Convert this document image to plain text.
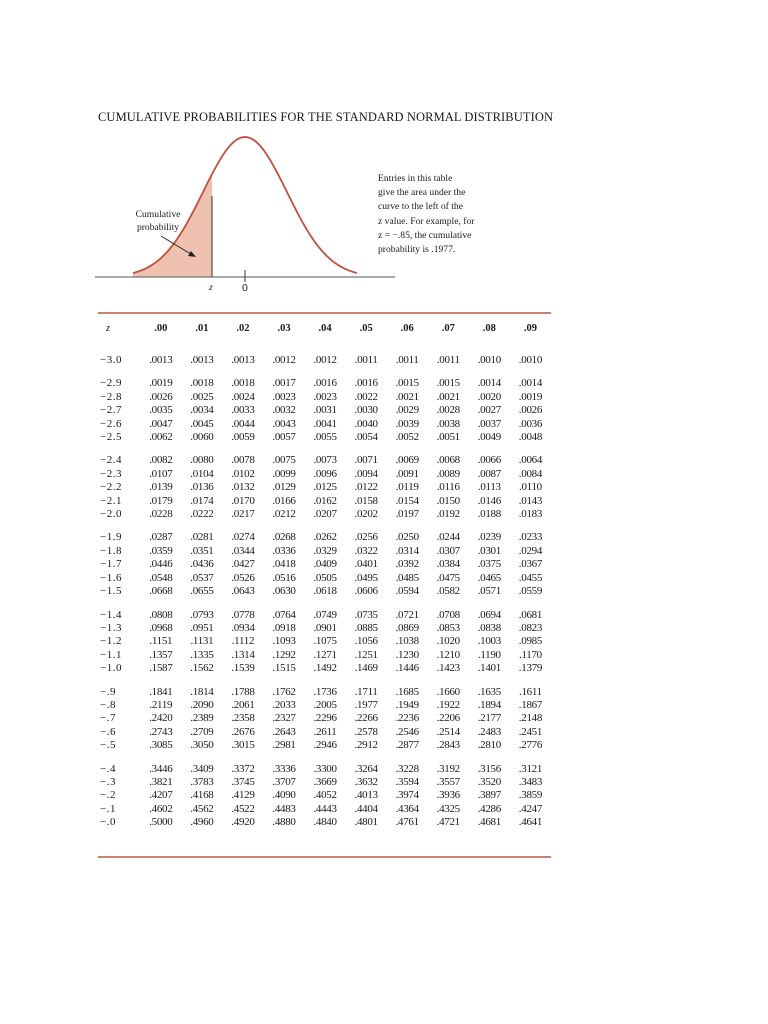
CUMULATIVE PROBABILITIES FOR THE STANDARD NORMAL DISTRIBUTION
Cumulative
probability
Entries in this table
give the area under the
curve to the left of the
z value. For example, for
z = −.85, the cumulative
probability is .1977.
z	0
z	.00	.01	.02	.03	.04	.05	.06	.07	.08	.09
−3.0	.0013	.0013	.0013	.0012	.0012	.0011	.0011	.0011	.0010	.0010
−2.9	.0019	.0018	.0018	.0017	.0016	.0016	.0015	.0015	.0014	.0014
−2.8	.0026	.0025	.0024	.0023	.0023	.0022	.0021	.0021	.0020	.0019
−2.7	.0035	.0034	.0033	.0032	.0031	.0030	.0029	.0028	.0027	.0026
−2.6	.0047	.0045	.0044	.0043	.0041	.0040	.0039	.0038	.0037	.0036
−2.5	.0062	.0060	.0059	.0057	.0055	.0054	.0052	.0051	.0049	.0048
−2.4	.0082	.0080	.0078	.0075	.0073	.0071	.0069	.0068	.0066	.0064
−2.3	.0107	.0104	.0102	.0099	.0096	.0094	.0091	.0089	.0087	.0084
−2.2	.0139	.0136	.0132	.0129	.0125	.0122	.0119	.0116	.0113	.0110
−2.1	.0179	.0174	.0170	.0166	.0162	.0158	.0154	.0150	.0146	.0143
−2.0	.0228	.0222	.0217	.0212	.0207	.0202	.0197	.0192	.0188	.0183
−1.9	.0287	.0281	.0274	.0268	.0262	.0256	.0250	.0244	.0239	.0233
−1.8	.0359	.0351	.0344	.0336	.0329	.0322	.0314	.0307	.0301	.0294
−1.7	.0446	.0436	.0427	.0418	.0409	.0401	.0392	.0384	.0375	.0367
−1.6	.0548	.0537	.0526	.0516	.0505	.0495	.0485	.0475	.0465	.0455
−1.5	.0668	.0655	.0643	.0630	.0618	.0606	.0594	.0582	.0571	.0559
−1.4	.0808	.0793	.0778	.0764	.0749	.0735	.0721	.0708	.0694	.0681
−1.3	.0968	.0951	.0934	.0918	.0901	.0885	.0869	.0853	.0838	.0823
−1.2	.1151	.1131	.1112	.1093	.1075	.1056	.1038	.1020	.1003	.0985
−1.1	.1357	.1335	.1314	.1292	.1271	.1251	.1230	.1210	.1190	.1170
−1.0	.1587	.1562	.1539	.1515	.1492	.1469	.1446	.1423	.1401	.1379
−.9	.1841	.1814	.1788	.1762	.1736	.1711	.1685	.1660	.1635	.1611
−.8	.2119	.2090	.2061	.2033	.2005	.1977	.1949	.1922	.1894	.1867
−.7	.2420	.2389	.2358	.2327	.2296	.2266	.2236	.2206	.2177	.2148
−.6	.2743	.2709	.2676	.2643	.2611	.2578	.2546	.2514	.2483	.2451
−.5	.3085	.3050	.3015	.2981	.2946	.2912	.2877	.2843	.2810	.2776
−.4	.3446	.3409	.3372	.3336	.3300	.3264	.3228	.3192	.3156	.3121
−.3	.3821	.3783	.3745	.3707	.3669	.3632	.3594	.3557	.3520	.3483
−.2	.4207	.4168	.4129	.4090	.4052	.4013	.3974	.3936	.3897	.3859
−.1	.4602	.4562	.4522	.4483	.4443	.4404	.4364	.4325	.4286	.4247
−.0	.5000	.4960	.4920	.4880	.4840	.4801	.4761	.4721	.4681	.4641
